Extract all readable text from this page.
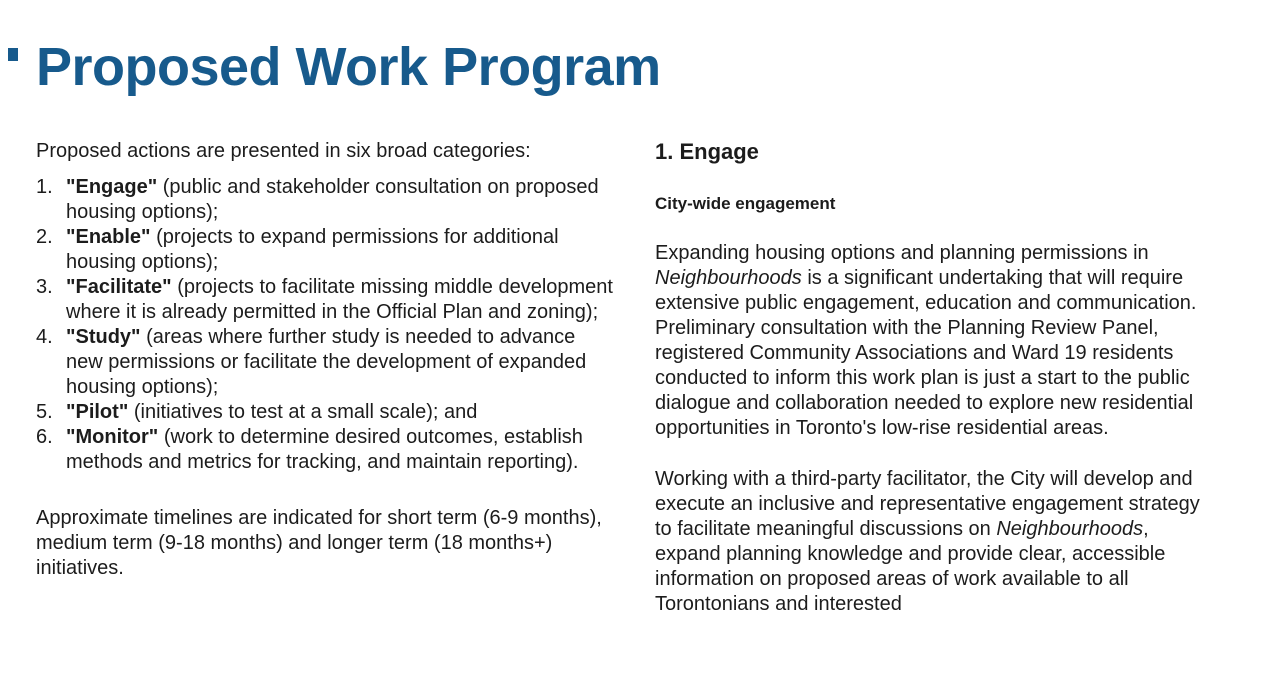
Proposed Work Program

Proposed actions are presented in six broad categories:

1. "Engage" (public and stakeholder consultation on proposed housing options);
2. "Enable" (projects to expand permissions for additional housing options);
3. "Facilitate" (projects to facilitate missing middle development where it is already permitted in the Official Plan and zoning);
4. "Study" (areas where further study is needed to advance new permissions or facilitate the development of expanded housing options);
5. "Pilot" (initiatives to test at a small scale); and
6. "Monitor" (work to determine desired outcomes, establish methods and metrics for tracking, and maintain reporting).

Approximate timelines are indicated for short term (6-9 months), medium term (9-18 months) and longer term (18 months+) initiatives.

1. Engage
City-wide engagement

Expanding housing options and planning permissions in Neighbourhoods is a significant undertaking that will require extensive public engagement, education and communication. Preliminary consultation with the Planning Review Panel, registered Community Associations and Ward 19 residents conducted to inform this work plan is just a start to the public dialogue and collaboration needed to explore new residential opportunities in Toronto's low-rise residential areas.

Working with a third-party facilitator, the City will develop and execute an inclusive and representative engagement strategy to facilitate meaningful discussions on Neighbourhoods, expand planning knowledge and provide clear, accessible information on proposed areas of work available to all Torontonians and interested
